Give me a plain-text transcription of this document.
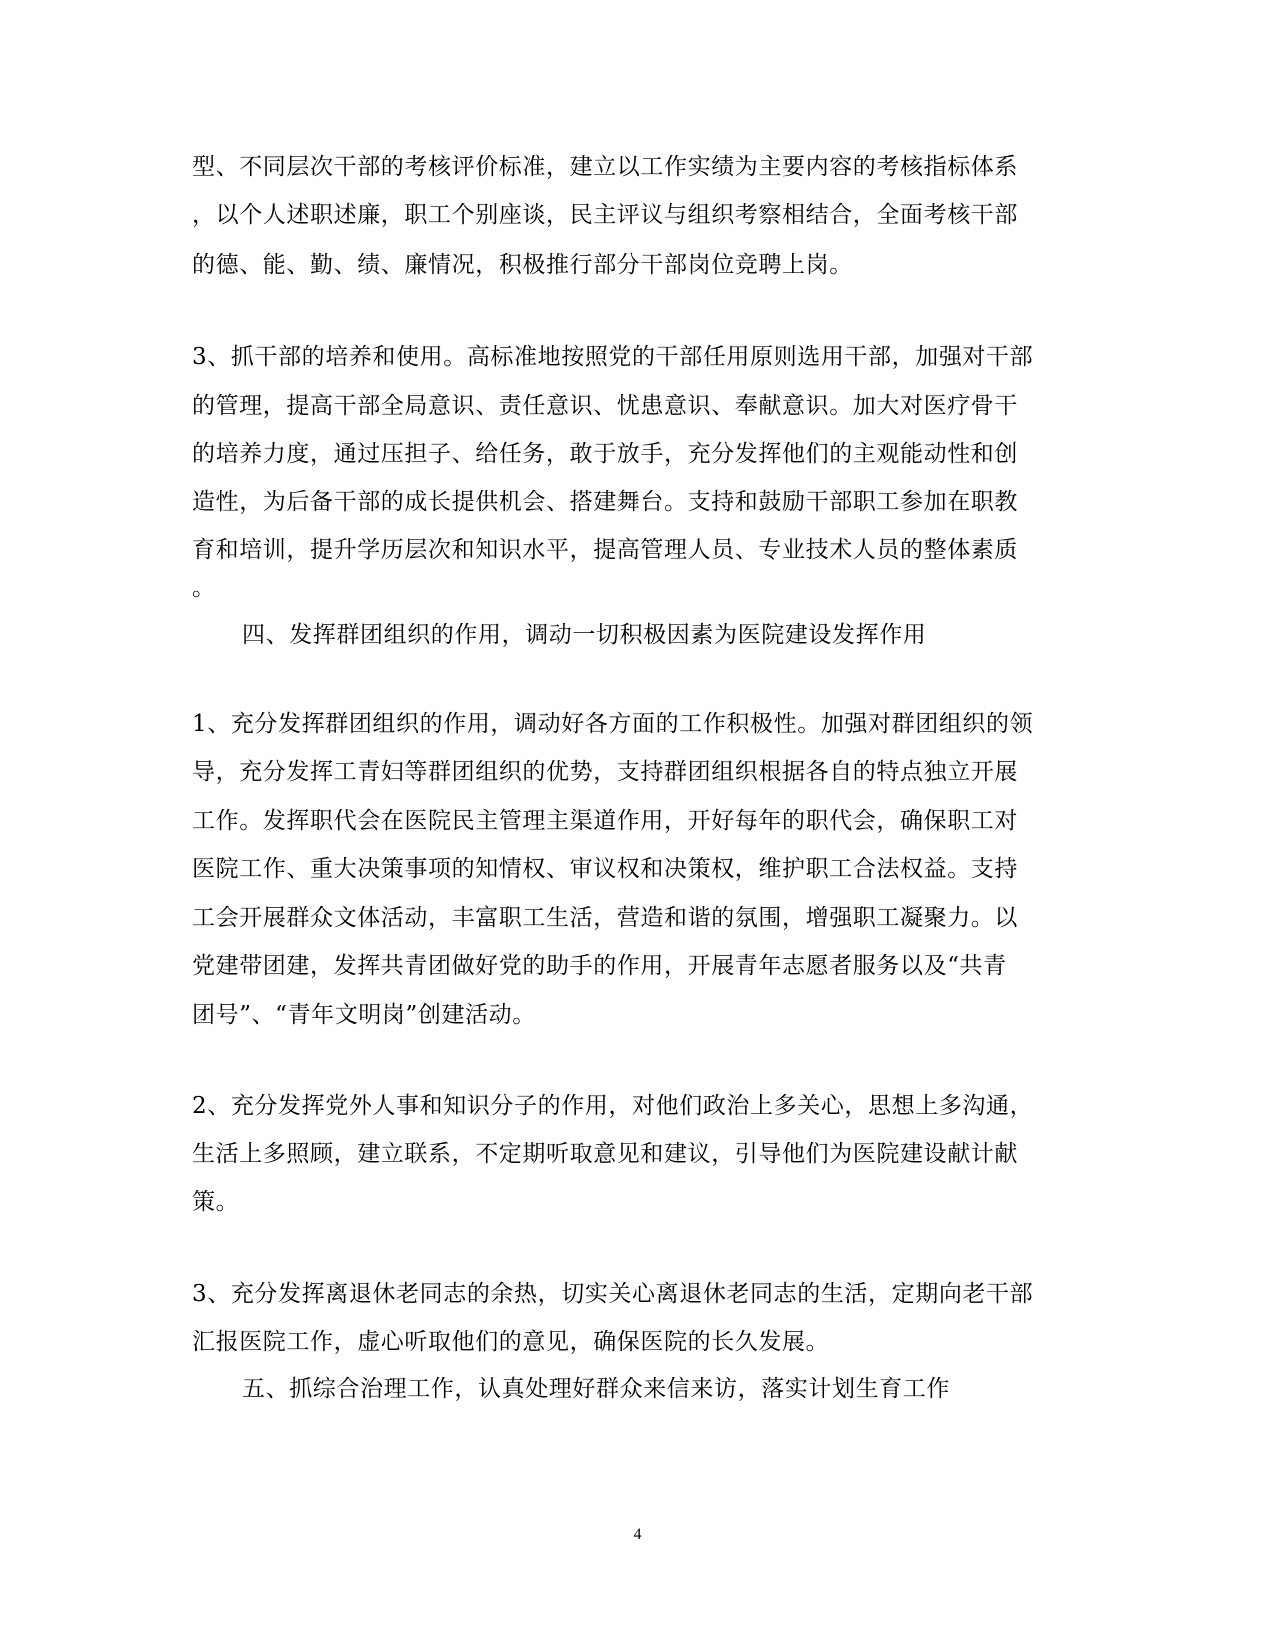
型、不同层次干部的考核评价标准，建立以工作实绩为主要内容的考核指标体系
，以个人述职述廉，职工个别座谈，民主评议与组织考察相结合，全面考核干部
的德、能、勤、绩、廉情况，积极推行部分干部岗位竞聘上岗。
3、抓干部的培养和使用。高标准地按照党的干部任用原则选用干部，加强对干部
的管理，提高干部全局意识、责任意识、忧患意识、奉献意识。加大对医疗骨干
的培养力度，通过压担子、给任务，敢于放手，充分发挥他们的主观能动性和创
造性，为后备干部的成长提供机会、搭建舞台。支持和鼓励干部职工参加在职教
育和培训，提升学历层次和知识水平，提高管理人员、专业技术人员的整体素质
。
四、发挥群团组织的作用，调动一切积极因素为医院建设发挥作用
1、充分发挥群团组织的作用，调动好各方面的工作积极性。加强对群团组织的领
导，充分发挥工青妇等群团组织的优势，支持群团组织根据各自的特点独立开展
工作。发挥职代会在医院民主管理主渠道作用，开好每年的职代会，确保职工对
医院工作、重大决策事项的知情权、审议权和决策权，维护职工合法权益。支持
工会开展群众文体活动，丰富职工生活，营造和谐的氛围，增强职工凝聚力。以
党建带团建，发挥共青团做好党的助手的作用，开展青年志愿者服务以及“共青
团号”、“青年文明岗”创建活动。
2、充分发挥党外人事和知识分子的作用，对他们政治上多关心，思想上多沟通，
生活上多照顾，建立联系，不定期听取意见和建议，引导他们为医院建设献计献
策。
3、充分发挥离退休老同志的余热，切实关心离退休老同志的生活，定期向老干部
汇报医院工作，虚心听取他们的意见，确保医院的长久发展。
五、抓综合治理工作，认真处理好群众来信来访，落实计划生育工作
4
